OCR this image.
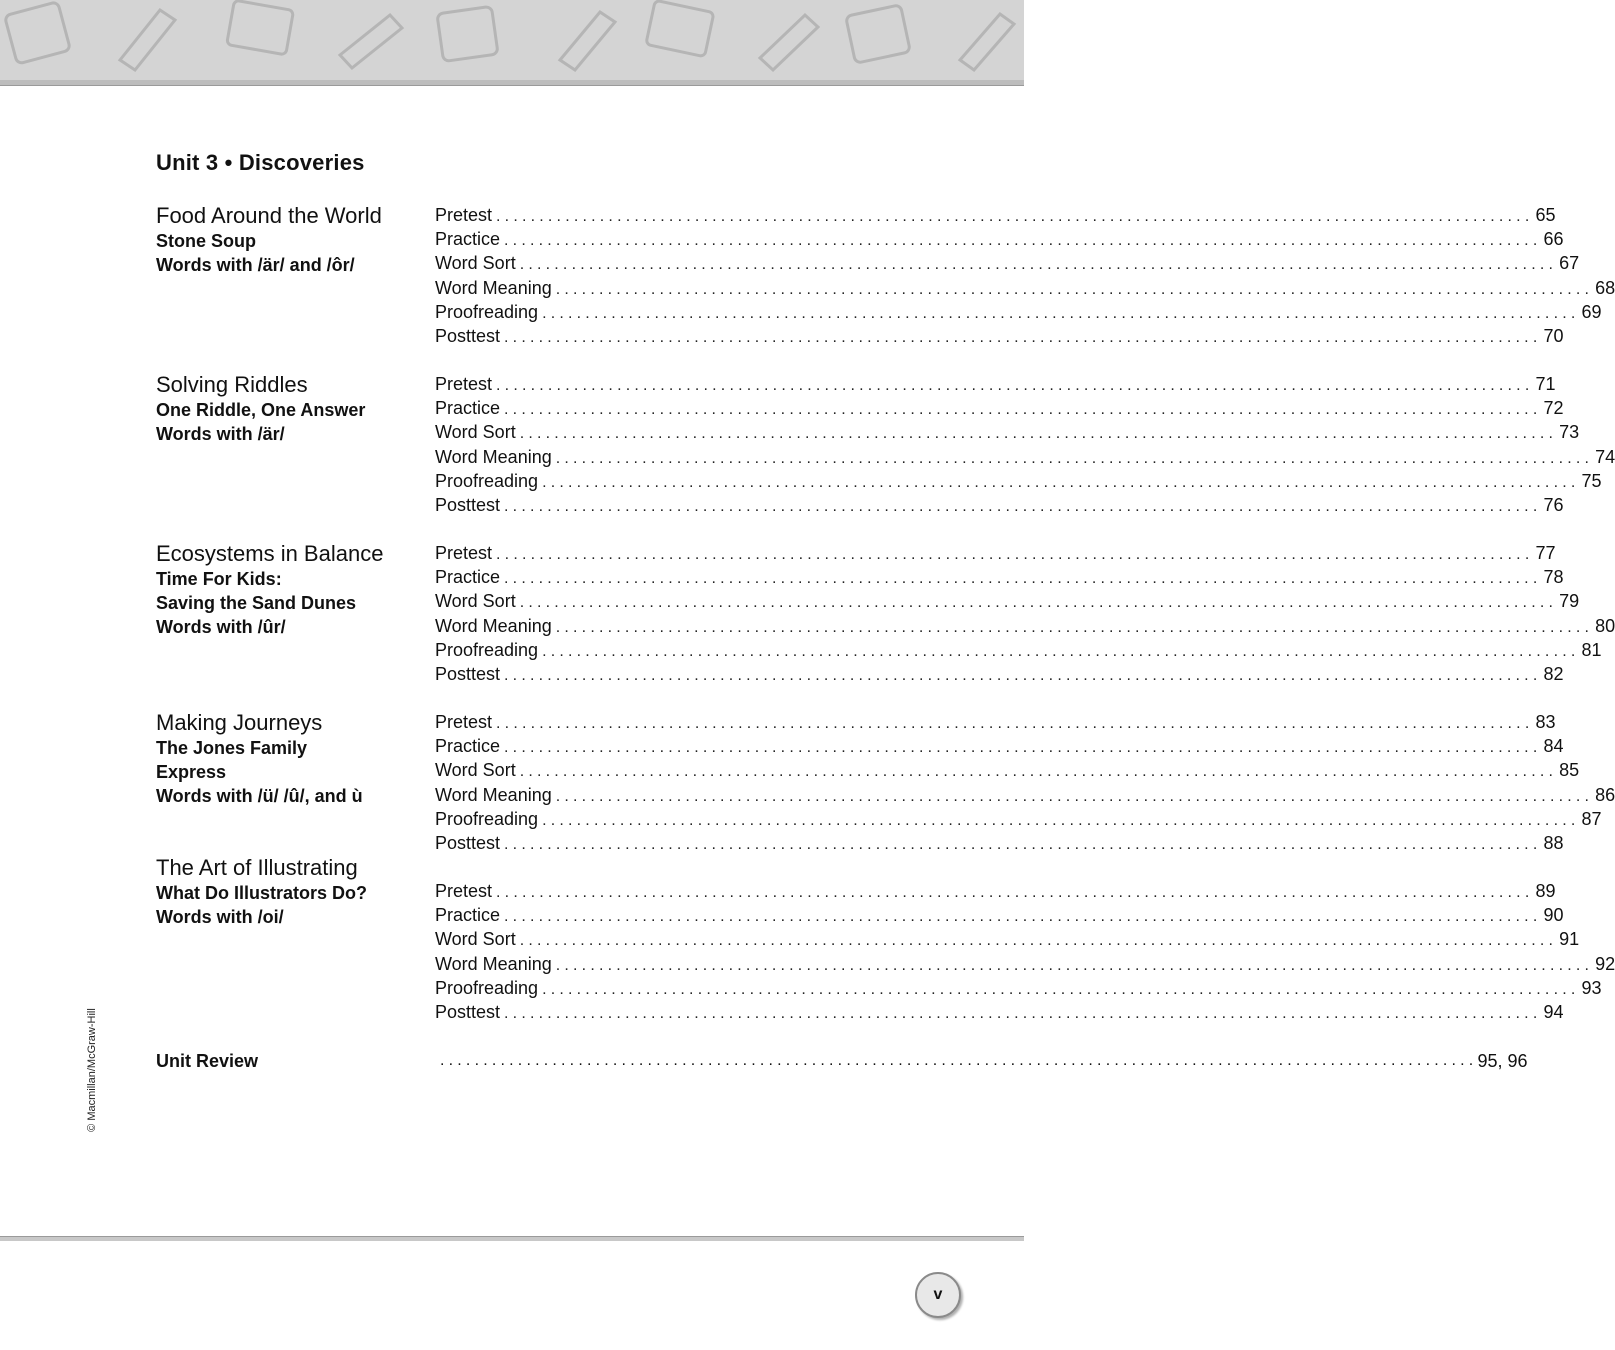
Unit 3 • Discoveries
Food Around the World
Stone Soup
Words with /är/ and /ôr/
Pretest ........................................................................................................................ 65
Practice ........................................................................................................................ 66
Word Sort ........................................................................................................................ 67
Word Meaning ........................................................................................................................ 68
Proofreading ........................................................................................................................ 69
Posttest ........................................................................................................................ 70
Solving Riddles
One Riddle, One Answer
Words with /är/
Pretest ........................................................................................................................ 71
Practice ........................................................................................................................ 72
Word Sort ........................................................................................................................ 73
Word Meaning ........................................................................................................................ 74
Proofreading ........................................................................................................................ 75
Posttest ........................................................................................................................ 76
Ecosystems in Balance
Time For Kids:
Saving the Sand Dunes
Words with /ûr/
Pretest ........................................................................................................................ 77
Practice ........................................................................................................................ 78
Word Sort ........................................................................................................................ 79
Word Meaning ........................................................................................................................ 80
Proofreading ........................................................................................................................ 81
Posttest ........................................................................................................................ 82
Making Journeys
The Jones Family
Express
Words with /ü/ /û/, and ù
Pretest ........................................................................................................................ 83
Practice ........................................................................................................................ 84
Word Sort ........................................................................................................................ 85
Word Meaning ........................................................................................................................ 86
Proofreading ........................................................................................................................ 87
Posttest ........................................................................................................................ 88
The Art of Illustrating
What Do Illustrators Do?
Words with /oi/
Pretest ........................................................................................................................ 89
Practice ........................................................................................................................ 90
Word Sort ........................................................................................................................ 91
Word Meaning ........................................................................................................................ 92
Proofreading ........................................................................................................................ 93
Posttest ........................................................................................................................ 94
Unit Review	........................................................................................................................ 95, 96
© Macmillan/McGraw-Hill
v
